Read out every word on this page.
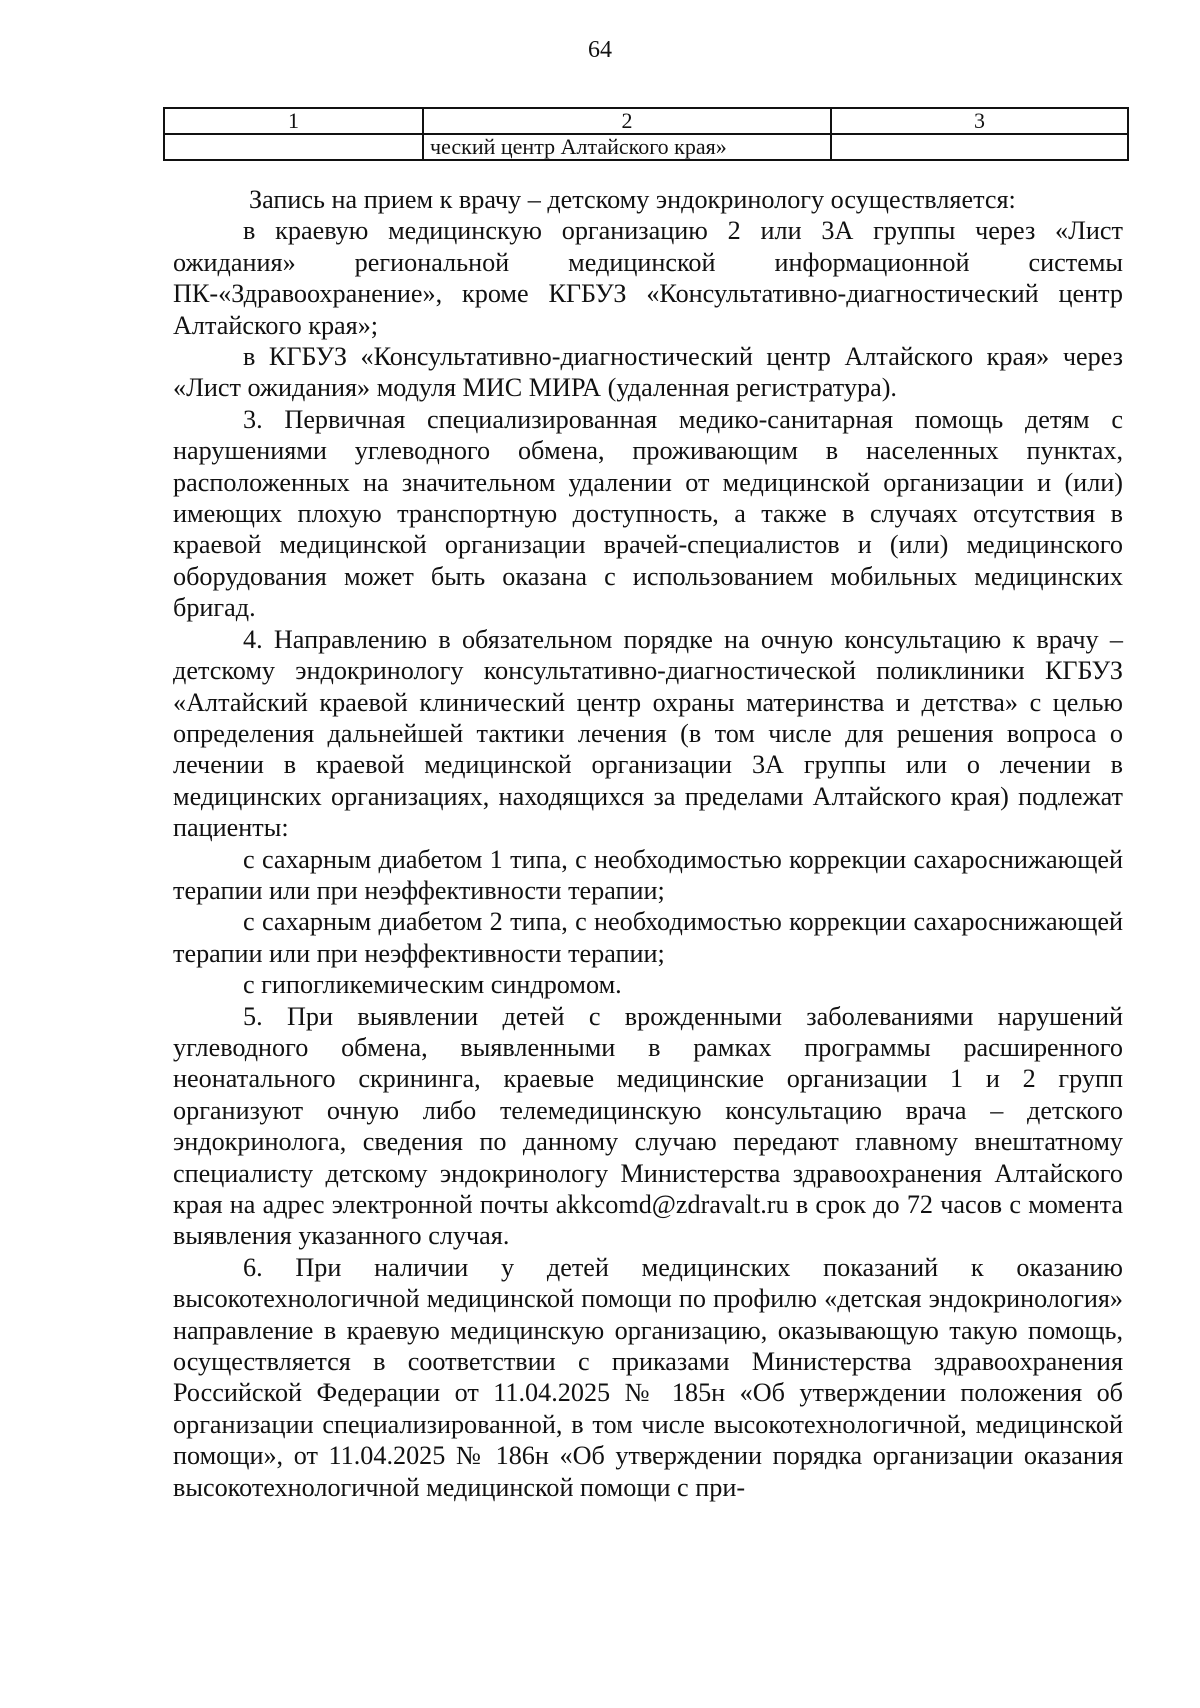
64
1	2	3
	ческий центр Алтайского края»	

Запись на прием к врачу – детскому эндокринологу осуществляется:

в краевую медицинскую организацию 2 или 3А группы через «Лист ожидания» региональной медицинской информационной системы ПК-«Здравоохранение», кроме КГБУЗ «Консультативно-диагностический центр Алтайского края»;

в КГБУЗ «Консультативно-диагностический центр Алтайского края» через «Лист ожидания» модуля МИС МИРА (удаленная регистратура).

3. Первичная специализированная медико-санитарная помощь детям с нарушениями углеводного обмена, проживающим в населенных пунктах, расположенных на значительном удалении от медицинской организации и (или) имеющих плохую транспортную доступность, а также в случаях отсутствия в краевой медицинской организации врачей-специалистов и (или) медицинского оборудования может быть оказана с использованием мобильных медицинских бригад.

4. Направлению в обязательном порядке на очную консультацию к врачу – детскому эндокринологу консультативно-диагностической поликлиники КГБУЗ «Алтайский краевой клинический центр охраны материнства и детства» с целью определения дальнейшей тактики лечения (в том числе для решения вопроса о лечении в краевой медицинской организации 3А группы или о лечении в медицинских организациях, находящихся за пределами Алтайского края) подлежат пациенты:

с сахарным диабетом 1 типа, с необходимостью коррекции сахароснижающей терапии или при неэффективности терапии;

с сахарным диабетом 2 типа, с необходимостью коррекции сахароснижающей терапии или при неэффективности терапии;

с гипогликемическим синдромом.

5. При выявлении детей с врожденными заболеваниями нарушений углеводного обмена, выявленными в рамках программы расширенного неонатального скрининга, краевые медицинские организации 1 и 2 групп организуют очную либо телемедицинскую консультацию врача – детского эндокринолога, сведения по данному случаю передают главному внештатному специалисту детскому эндокринологу Министерства здравоохранения Алтайского края на адрес электронной почты akkcomd@zdravalt.ru в срок до 72 часов с момента выявления указанного случая.

6. При наличии у детей медицинских показаний к оказанию высокотехнологичной медицинской помощи по профилю «детская эндокринология» направление в краевую медицинскую организацию, оказывающую такую помощь, осуществляется в соответствии с приказами Министерства здравоохранения Российской Федерации от 11.04.2025 № 185н «Об утверждении положения об организации специализированной, в том числе высокотехнологичной, медицинской помощи», от 11.04.2025 № 186н «Об утверждении порядка организации оказания высокотехнологичной медицинской помощи с при-
